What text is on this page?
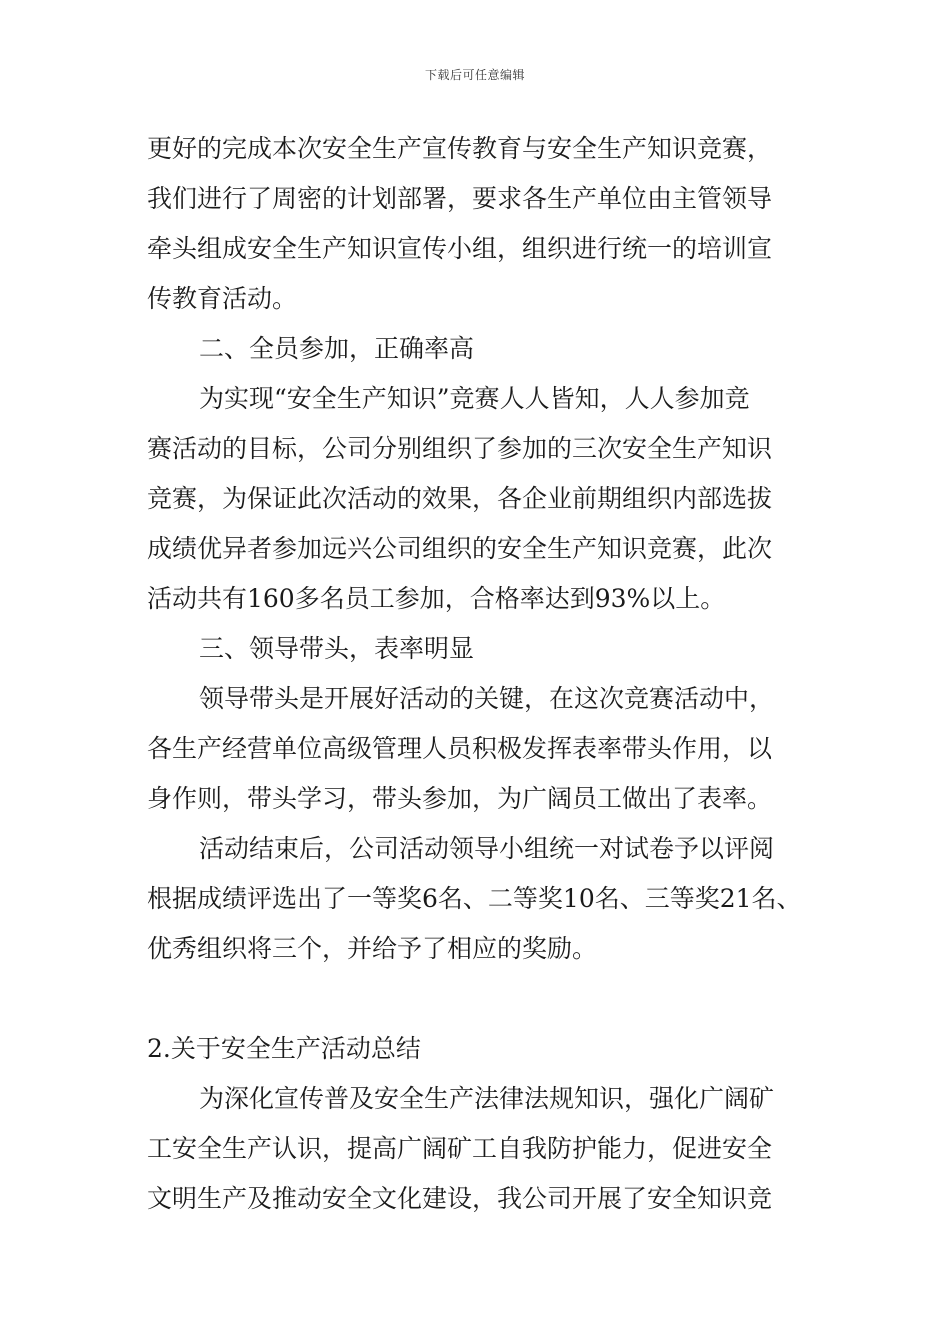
下载后可任意编辑
更好的完成本次安全生产宣传教育与安全生产知识竞赛，
我们进行了周密的计划部署，要求各生产单位由主管领导
牵头组成安全生产知识宣传小组，组织进行统一的培训宣
传教育活动。
二、全员参加，正确率高
为实现“安全生产知识”竞赛人人皆知，人人参加竞
赛活动的目标，公司分别组织了参加的三次安全生产知识
竞赛，为保证此次活动的效果，各企业前期组织内部选拔
成绩优异者参加远兴公司组织的安全生产知识竞赛，此次
活动共有160多名员工参加，合格率达到93%以上。
三、领导带头，表率明显
领导带头是开展好活动的关键，在这次竞赛活动中，
各生产经营单位高级管理人员积极发挥表率带头作用，以
身作则，带头学习，带头参加，为广阔员工做出了表率。
活动结束后，公司活动领导小组统一对试卷予以评阅
根据成绩评选出了一等奖6名、二等奖10名、三等奖21名、
优秀组织将三个，并给予了相应的奖励。
2.关于安全生产活动总结
为深化宣传普及安全生产法律法规知识，强化广阔矿
工安全生产认识，提高广阔矿工自我防护能力，促进安全
文明生产及推动安全文化建设，我公司开展了安全知识竞
